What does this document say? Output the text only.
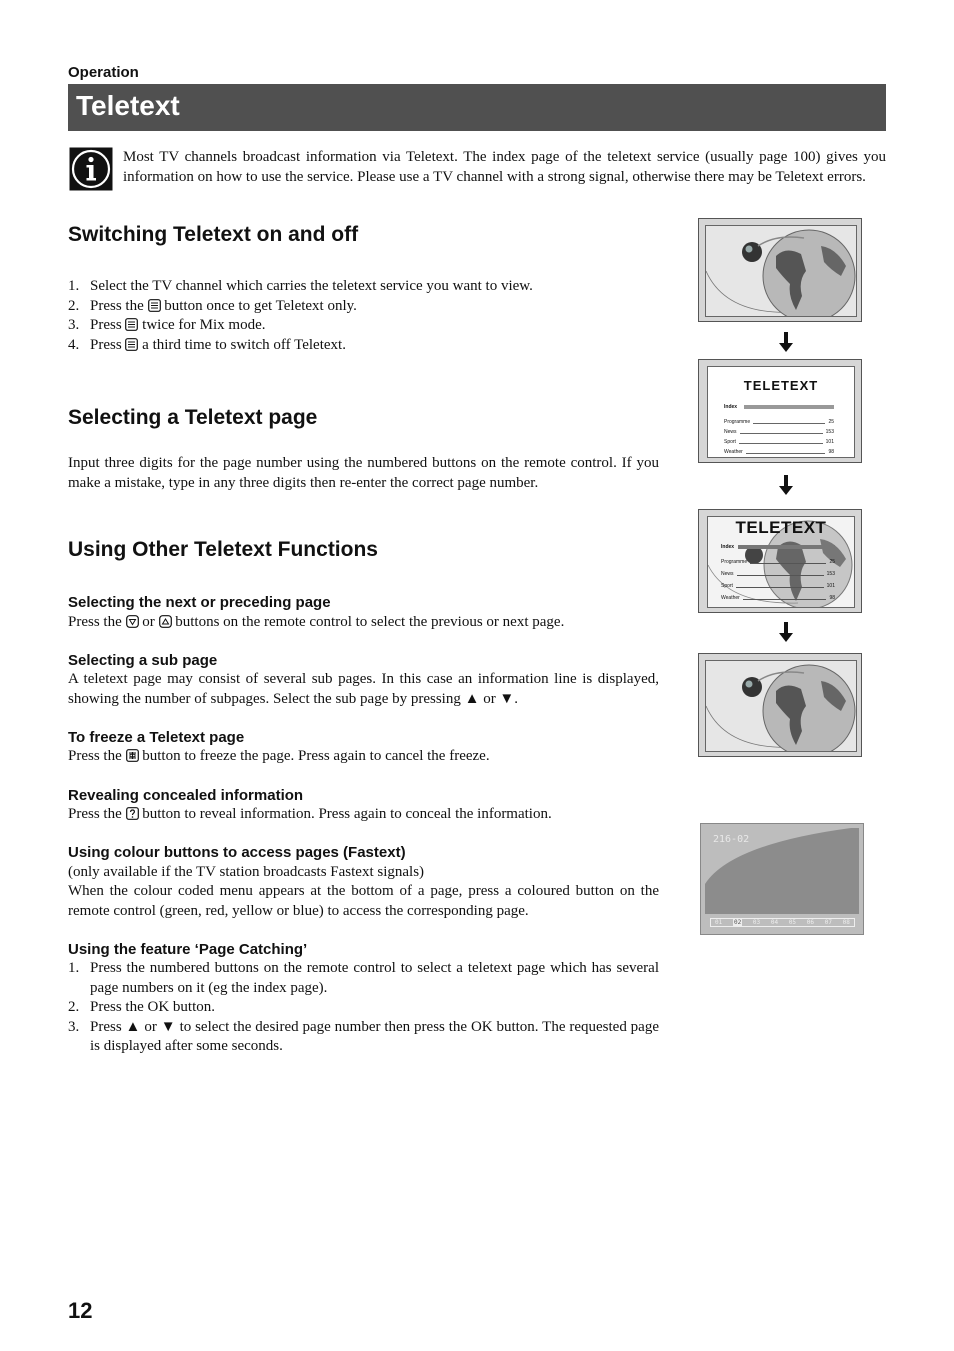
Operation
Teletext
Most TV channels broadcast information via Teletext. The index page of the teletext service (usually page 100) gives you information on how to use the service. Please use a TV channel with a strong signal, otherwise there may be Teletext errors.
Switching Teletext on and off
1. Select the TV channel which carries the teletext service you want to view.
2. Press the button once to get Teletext only.
3. Press twice for Mix mode.
4. Press a third time to switch off Teletext.
Selecting a Teletext page
Input three digits for the page number using the numbered buttons on the remote control. If you make a mistake, type in any three digits then re-enter the correct page number.
Using Other Teletext Functions
Selecting the next or preceding page
Press the or buttons on the remote control to select the previous or next page.
Selecting a sub page
A teletext page may consist of several sub pages. In this case an information line is displayed, showing the number of subpages. Select the sub page by pressing ▲ or ▼.
To freeze a Teletext page
Press the button to freeze the page. Press again to cancel the freeze.
Revealing concealed information
Press the button to reveal information. Press again to conceal the information.
Using colour buttons to access pages (Fastext)
(only available if the TV station broadcasts Fastext signals)
When the colour coded menu appears at the bottom of a page, press a coloured button on the remote control (green, red, yellow or blue) to access the corresponding page.
Using the feature ‘Page Catching’
1. Press the numbered buttons on the remote control to select a teletext page which has several page numbers on it (eg the index page).
2. Press the OK button.
3. Press ▲ or ▼ to select the desired page number then press the OK button. The requested page is displayed after some seconds.
TELETEXT
Index
Programme	25
News	153
Sport	101
Weather	98
TELETEXT
Index
Programme	25
News	153
Sport	101
Weather	98
216-02
01 02 03 04 05 06 07 08
12
